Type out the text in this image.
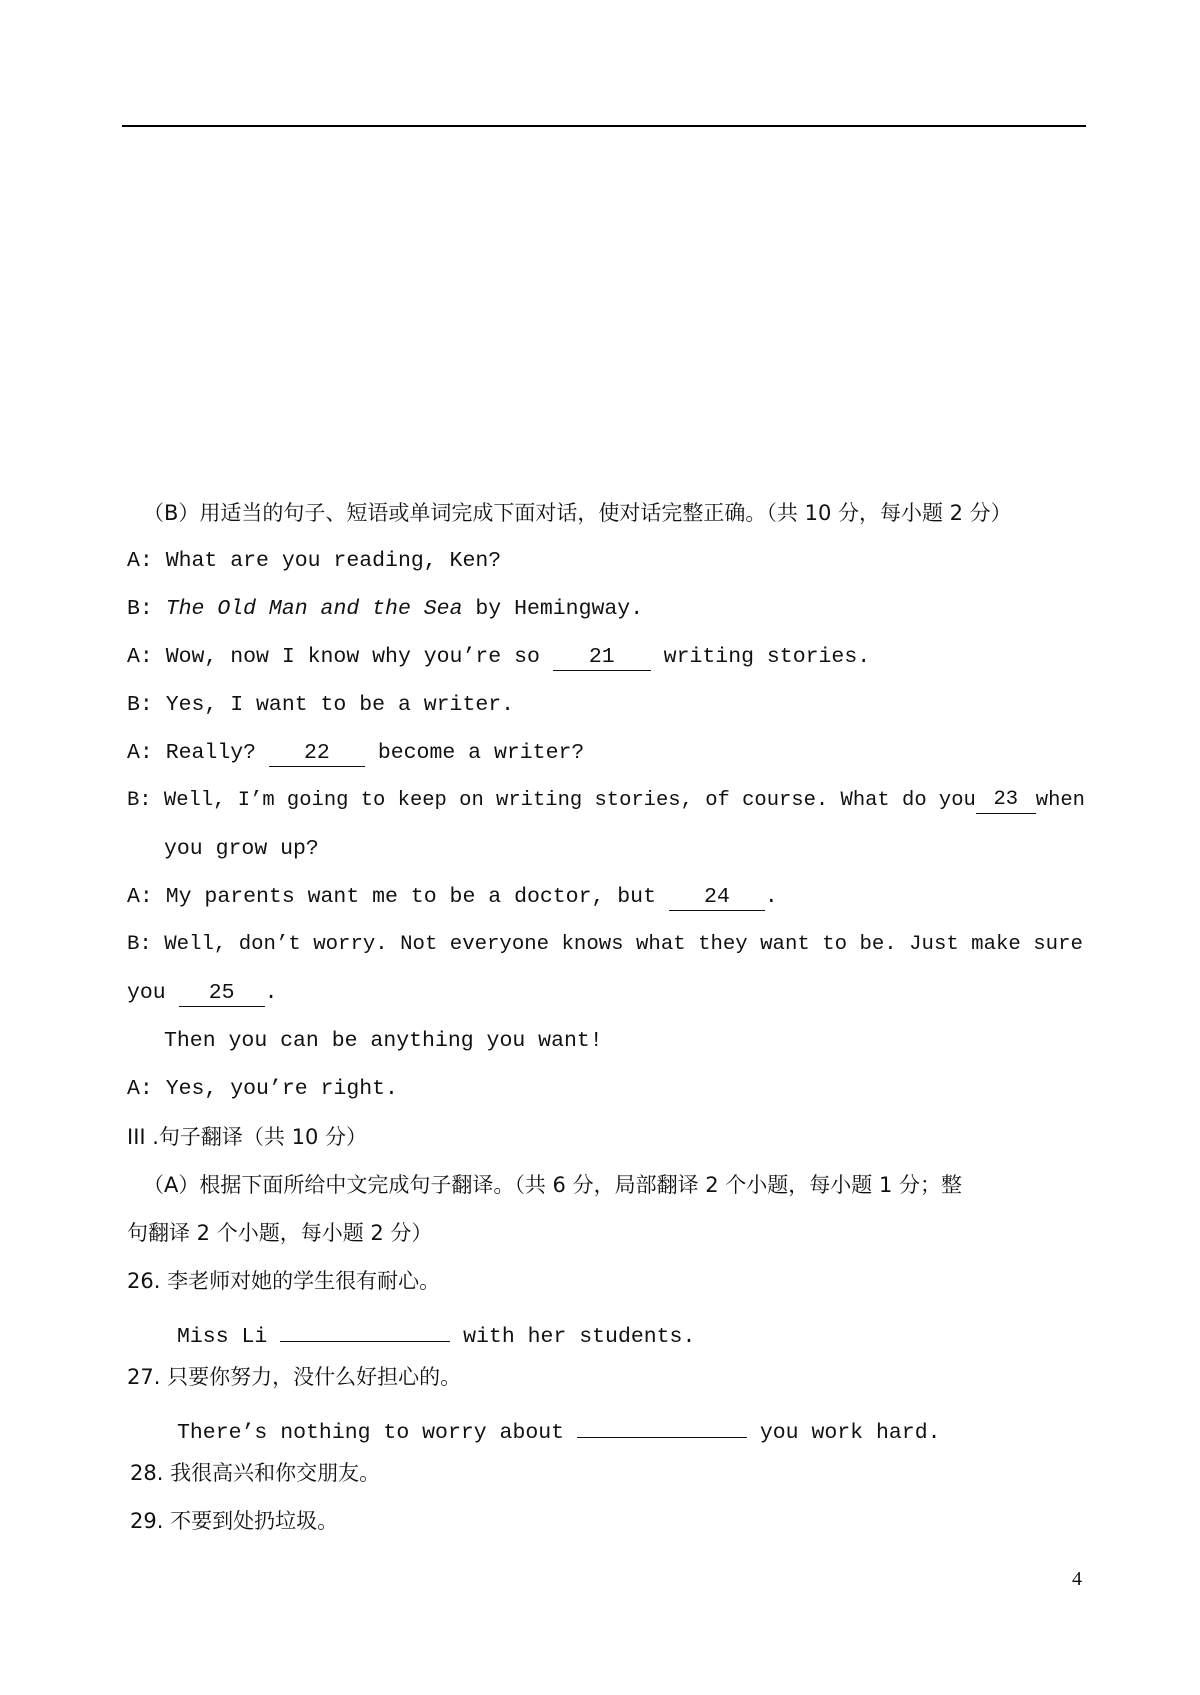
（B）用适当的句子、短语或单词完成下面对话，使对话完整正确。（共 10 分，每小题 2 分）
A: What are you reading, Ken?
B: The Old Man and the Sea by Hemingway.
A: Wow, now I know why you’re so 21 writing stories.
B: Yes, I want to be a writer.
A: Really? 22 become a writer?
B: Well, I’m going to keep on writing stories, of course. What do you 23 when
you grow up?
A: My parents want me to be a doctor, but 24 .
B: Well, don’t worry. Not everyone knows what they want to be. Just make sure
you 25 .
Then you can be anything you want!
A: Yes, you’re right.
III .句子翻译（共 10 分）
（A）根据下面所给中文完成句子翻译。（共 6 分，局部翻译 2 个小题，每小题 1 分；整
句翻译 2 个小题，每小题 2 分）
26. 李老师对她的学生很有耐心。
Miss Li	with her students.
27. 只要你努力，没什么好担心的。
There’s nothing to worry about	you work hard.
28. 我很高兴和你交朋友。
29. 不要到处扔垃圾。
4
